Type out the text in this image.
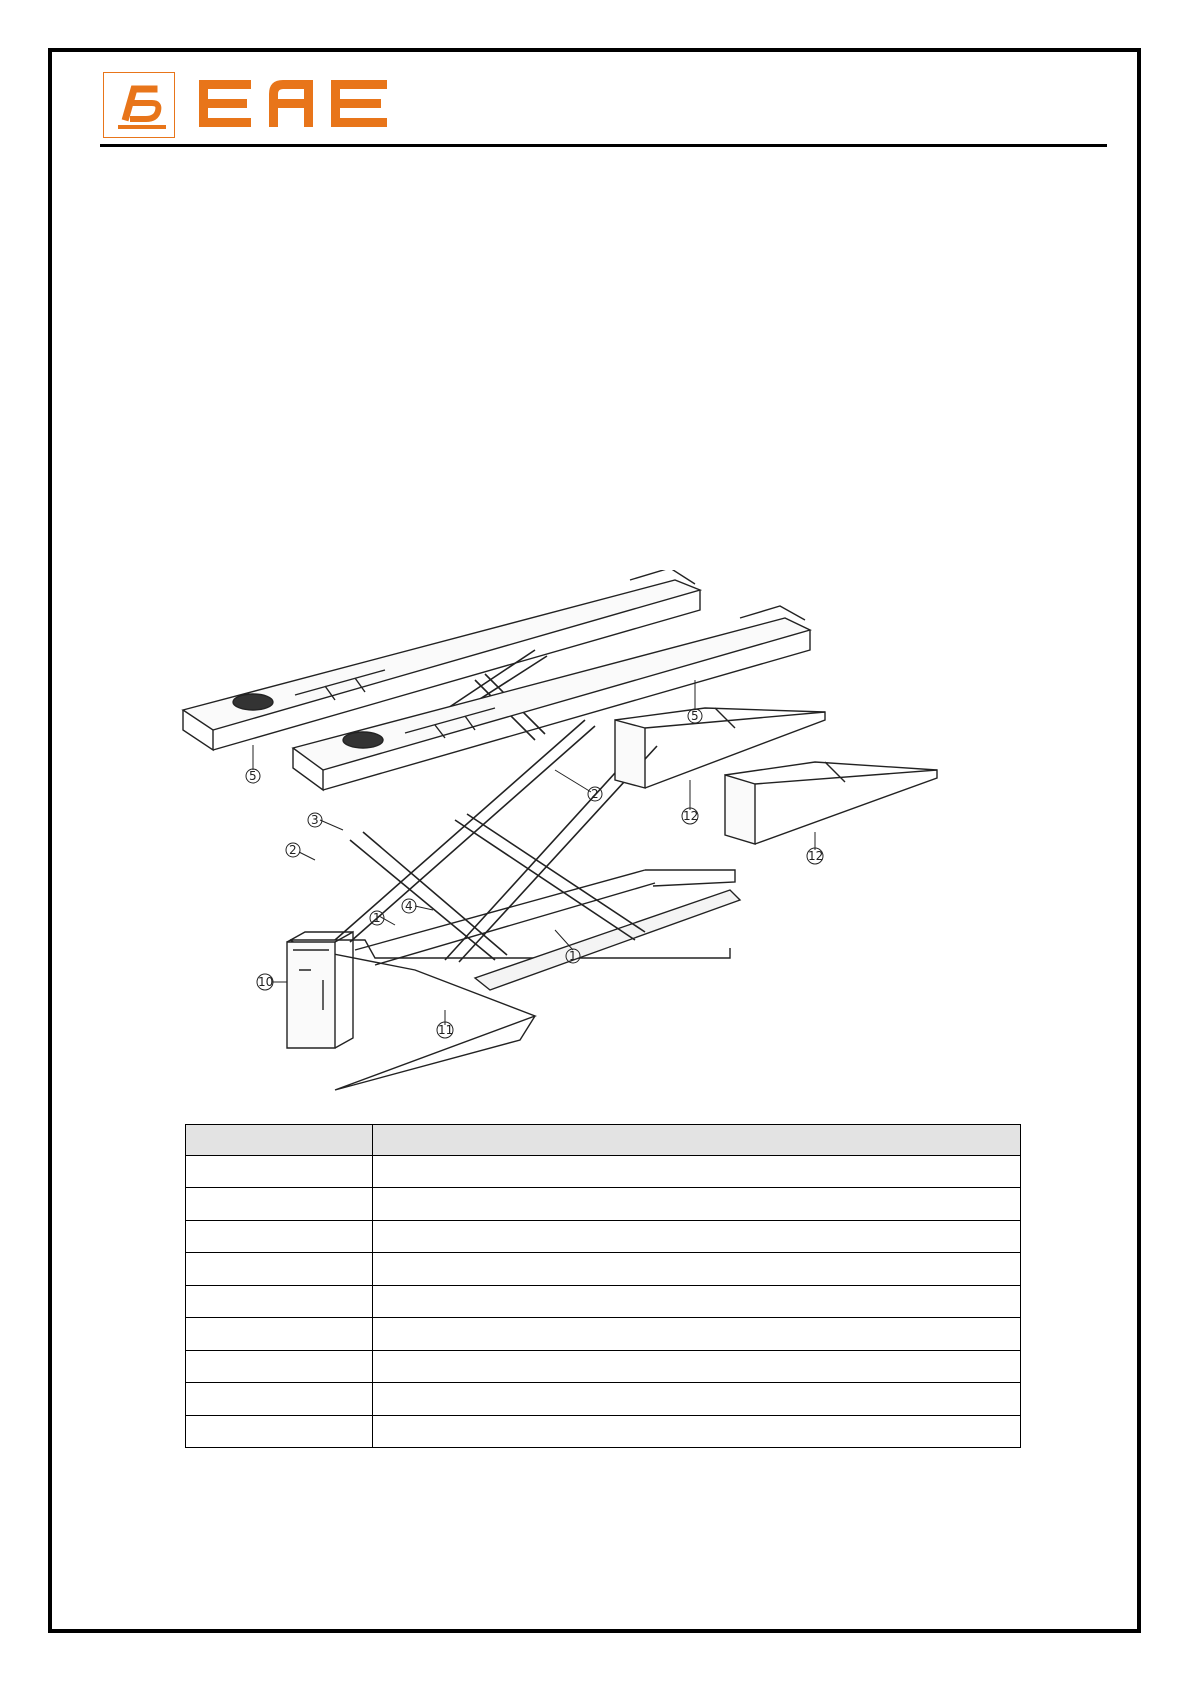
1
1
2
2
3
4
5
5
10
11
12
12
